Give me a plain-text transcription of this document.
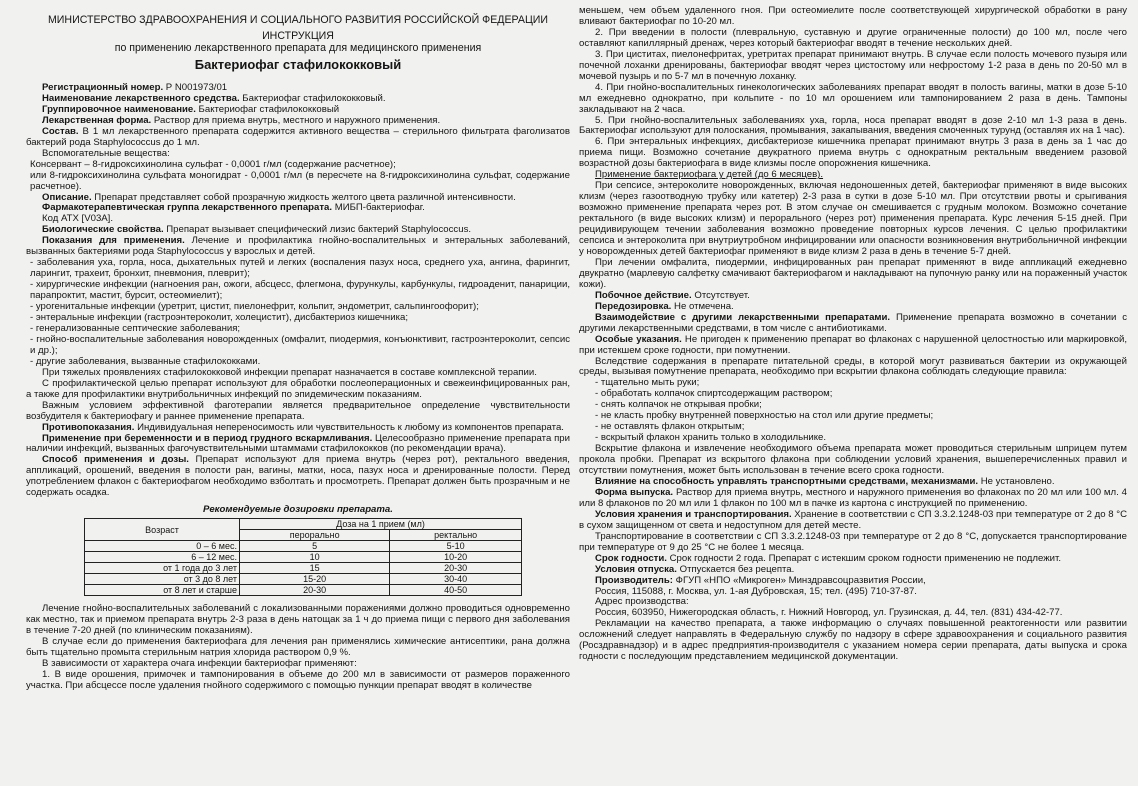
МИНИСТЕРСТВО ЗДРАВООХРАНЕНИЯ И СОЦИАЛЬНОГО РАЗВИТИЯ РОССИЙСКОЙ ФЕДЕРАЦИИ
ИНСТРУКЦИЯ
по применению лекарственного препарата для медицинского применения
Бактериофаг стафилококковый

Регистрационный номер. Р N001973/01

Наименование лекарственного средства. Бактериофаг стафилококковый.

Группировочное наименование. Бактериофаг стафилококковый

Лекарственная форма. Раствор для приема внутрь, местного и наружного применения.

Состав. В 1 мл лекарственного препарата содержится активного вещества – стерильного фильтрата фаголизатов бактерий рода Staphylococcus до 1 мл.

Вспомогательные вещества:

Консервант – 8-гидроксихинолина сульфат - 0,0001 г/мл (содержание расчетное);

или 8-гидроксихинолина сульфата моногидрат - 0,0001 г/мл (в пересчете на 8-гидроксихинолина сульфат, содержание расчетное).

Описание. Препарат представляет собой прозрачную жидкость желтого цвета различной интенсивности.

Фармакотерапевтическая группа лекарственного препарата. МИБП-бактериофаг.

Код АТХ [V03A].

Биологические свойства. Препарат вызывает специфический лизис бактерий Staphylococcus.

Показания для применения. Лечение и профилактика гнойно-воспалительных и энтеральных заболеваний, вызванных бактериями рода Staphylococcus у взрослых и детей.

- заболевания уха, горла, носа, дыхательных путей и легких (воспаления пазух носа, среднего уха, ангина, фарингит, ларингит, трахеит, бронхит, пневмония, плеврит);

- хирургические инфекции (нагноения ран, ожоги, абсцесс, флегмона, фурункулы, карбункулы, гидроаденит, панариции, парапроктит, мастит, бурсит, остеомиелит);

- урогенитальные инфекции (уретрит, цистит, пиелонефрит, кольпит, эндометрит, сальпингоофорит);

- энтеральные инфекции (гастроэнтероколит, холецистит), дисбактериоз кишечника;

- генерализованные септические заболевания;

- гнойно-воспалительные заболевания новорожденных (омфалит, пиодермия, конъюнктивит, гастроэнтероколит, сепсис и др.);

- другие заболевания, вызванные стафилококками.

При тяжелых проявлениях стафилококковой инфекции препарат назначается в составе комплексной терапии.

С профилактической целью препарат используют для обработки послеоперационных и свежеинфицированных ран, а также для профилактики внутрибольничных инфекций по эпидемическим показаниям.

Важным условием эффективной фаготерапии является предварительное определение чувствительности возбудителя к бактериофагу и раннее применение препарата.

Противопоказания. Индивидуальная непереносимость или чувствительность к любому из компонентов препарата.

Применение при беременности и в период грудного вскармливания. Целесообразно применение препарата при наличии инфекций, вызванных фагочувствительными штаммами стафилококков (по рекомендации врача).

Способ применения и дозы. Препарат используют для приема внутрь (через рот), ректального введения, аппликаций, орошений, введения в полости ран, вагины, матки, носа, пазух носа и дренированные полости. Перед употреблением флакон с бактериофагом необходимо взболтать и просмотреть. Препарат должен быть прозрачным и не содержать осадка.

Рекомендуемые дозировки препарата.
Возраст	Доза на 1 прием (мл)	
	перорально	ректально
0 – 6 мес.	5	5-10
6 – 12 мес.	10	10-20
от 1 года до 3 лет	15	20-30
от 3 до 8 лет	15-20	30-40
от 8 лет и старше	20-30	40-50

Лечение гнойно-воспалительных заболеваний с локализованными поражениями должно проводиться одновременно как местно, так и приемом препарата внутрь 2-3 раза в день натощак за 1 ч до приема пищи с первого дня заболевания в течение 7-20 дней (по клиническим показаниям).

В случае если до применения бактериофага для лечения ран применялись химические антисептики, рана должна быть тщательно промыта стерильным натрия хлорида раствором 0,9 %.

В зависимости от характера очага инфекции бактериофаг применяют:

1. В виде орошения, примочек и тампонирования в объеме до 200 мл в зависимости от размеров пораженного участка. При абсцессе после удаления гнойного содержимого с помощью пункции препарат вводят в количестве

меньшем, чем объем удаленного гноя. При остеомиелите после соответствующей хирургической обработки в рану вливают бактериофаг по 10-20 мл.

2. При введении в полости (плевральную, суставную и другие ограниченные полости) до 100 мл, после чего оставляют капиллярный дренаж, через который бактериофаг вводят в течение нескольких дней.

3. При циститах, пиелонефритах, уретритах препарат принимают внутрь. В случае если полость мочевого пузыря или почечной лоханки дренированы, бактериофаг вводят через цистостому или нефростому 1-2 раза в день по 20-50 мл в мочевой пузырь и по 5-7 мл в почечную лоханку.

4. При гнойно-воспалительных гинекологических заболеваниях препарат вводят в полость вагины, матки в дозе 5-10 мл ежедневно однократно, при кольпите - по 10 мл орошением или тампонированием 2 раза в день. Тампоны закладывают на 2 часа.

5. При гнойно-воспалительных заболеваниях уха, горла, носа препарат вводят в дозе 2-10 мл 1-3 раза в день. Бактериофаг используют для полоскания, промывания, закапывания, введения смоченных турунд (оставляя их на 1 час).

6. При энтеральных инфекциях, дисбактериозе кишечника препарат принимают внутрь 3 раза в день за 1 час до приема пищи. Возможно сочетание двукратного приема внутрь с однократным ректальным введением разовой возрастной дозы бактериофага в виде клизмы после опорожнения кишечника.

Применение бактериофага у детей (до 6 месяцев).

При сепсисе, энтероколите новорожденных, включая недоношенных детей, бактериофаг применяют в виде высоких клизм (через газоотводную трубку или катетер) 2-3 раза в сутки в дозе 5-10 мл. При отсутствии рвоты и срыгивания возможно применение препарата через рот. В этом случае он смешивается с грудным молоком. Возможно сочетание ректального (в виде высоких клизм) и перорального (через рот) применения препарата. Курс лечения 5-15 дней. При рецидивирующем течении заболевания возможно проведение повторных курсов лечения. С целью профилактики сепсиса и энтероколита при внутриутробном инфицировании или опасности возникновения внутрибольничной инфекции у новорожденных детей бактериофаг применяют в виде клизм 2 раза в день в течение 5-7 дней.

При лечении омфалита, пиодермии, инфицированных ран препарат применяют в виде аппликаций ежедневно двукратно (марлевую салфетку смачивают бактериофагом и накладывают на пупочную ранку или на пораженный участок кожи).

Побочное действие. Отсутствует.

Передозировка. Не отмечена.

Взаимодействие с другими лекарственными препаратами. Применение препарата возможно в сочетании с другими лекарственными средствами, в том числе с антибиотиками.

Особые указания. Не пригоден к применению препарат во флаконах с нарушенной целостностью или маркировкой, при истекшем сроке годности, при помутнении.

Вследствие содержания в препарате питательной среды, в которой могут развиваться бактерии из окружающей среды, вызывая помутнение препарата, необходимо при вскрытии флакона соблюдать следующие правила:

- тщательно мыть руки;

- обработать колпачок спиртсодержащим раствором;

- снять колпачок не открывая пробки;

- не класть пробку внутренней поверхностью на стол или другие предметы;

- не оставлять флакон открытым;

- вскрытый флакон хранить только в холодильнике.

Вскрытие флакона и извлечение необходимого объема препарата может проводиться стерильным шприцем путем прокола пробки. Препарат из вскрытого флакона при соблюдении условий хранения, вышеперечисленных правил и отсутствии помутнения, может быть использован в течение всего срока годности.

Влияние на способность управлять транспортными средствами, механизмами. Не установлено.

Форма выпуска. Раствор для приема внутрь, местного и наружного применения во флаконах по 20 мл или 100 мл. 4 или 8 флаконов по 20 мл или 1 флакон по 100 мл в пачке из картона с инструкцией по применению.

Условия хранения и транспортирования. Хранение в соответствии с СП 3.3.2.1248-03 при температуре от 2 до 8 °С в сухом защищенном от света и недоступном для детей месте.

Транспортирование в соответствии с СП 3.3.2.1248-03 при температуре от 2 до 8 °С, допускается транспортирование при температуре от 9 до 25 °С не более 1 месяца.

Срок годности. Срок годности 2 года. Препарат с истекшим сроком годности применению не подлежит.

Условия отпуска. Отпускается без рецепта.

Производитель: ФГУП «НПО «Микроген» Минздравсоцразвития России,

Россия, 115088, г. Москва, ул. 1-ая Дубровская, 15; тел. (495) 710-37-87.

Адрес производства:

Россия, 603950, Нижегородская область, г. Нижний Новгород, ул. Грузинская, д. 44, тел. (831) 434-42-77.

Рекламации на качество препарата, а также информацию о случаях повышенной реактогенности или развитии осложнений следует направлять в Федеральную службу по надзору в сфере здравоохранения и социального развития (Росздравнадзор) и в адрес предприятия-производителя с указанием номера серии препарата, даты выпуска и срока годности с последующим представлением медицинской документации.
